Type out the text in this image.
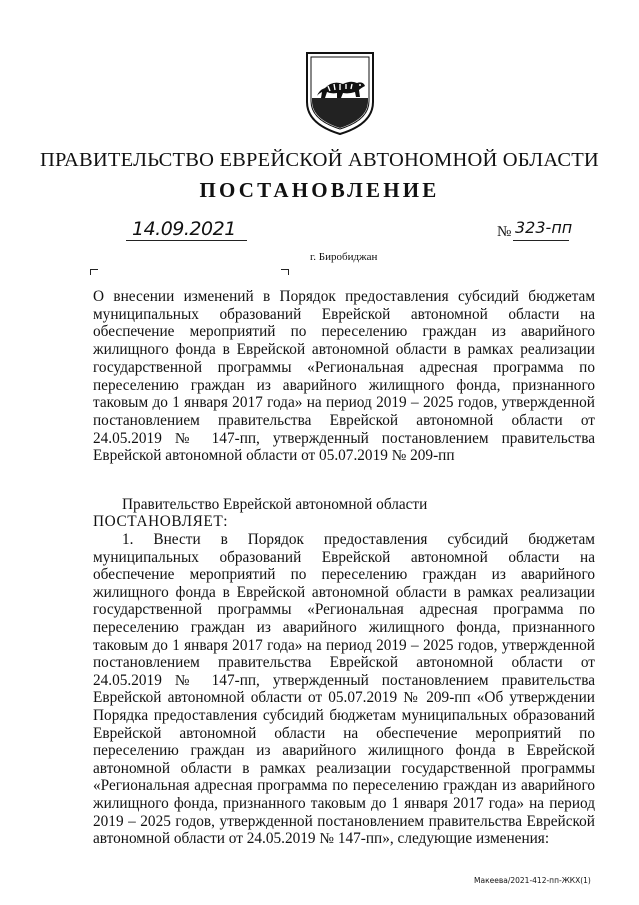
ПРАВИТЕЛЬСТВО ЕВРЕЙСКОЙ АВТОНОМНОЙ ОБЛАСТИ
ПОСТАНОВЛЕНИЕ
14.09.2021	№ 323-пп
г. Биробиджан
О внесении изменений в Порядок предоставления субсидий бюджетам муниципальных образований Еврейской автономной области на обеспечение мероприятий по переселению граждан из аварийного жилищного фонда в Еврейской автономной области в рамках реализации государственной программы «Региональная адресная программа по переселению граждан из аварийного жилищного фонда, признанного таковым до 1 января 2017 года» на период 2019 – 2025 годов, утвержденной постановлением правительства Еврейской автономной области от 24.05.2019 № 147-пп, утвержденный постановлением правительства Еврейской автономной области от 05.07.2019 № 209-пп
Правительство Еврейской автономной области
ПОСТАНОВЛЯЕТ:
1. Внести в Порядок предоставления субсидий бюджетам муниципальных образований Еврейской автономной области на обеспечение мероприятий по переселению граждан из аварийного жилищного фонда в Еврейской автономной области в рамках реализации государственной программы «Региональная адресная программа по переселению граждан из аварийного жилищного фонда, признанного таковым до 1 января 2017 года» на период 2019 – 2025 годов, утвержденной постановлением правительства Еврейской автономной области от 24.05.2019 № 147-пп, утвержденный постановлением правительства Еврейской автономной области от 05.07.2019 № 209-пп «Об утверждении Порядка предоставления субсидий бюджетам муниципальных образований Еврейской автономной области на обеспечение мероприятий по переселению граждан из аварийного жилищного фонда в Еврейской автономной области в рамках реализации государственной программы «Региональная адресная программа по переселению граждан из аварийного жилищного фонда, признанного таковым до 1 января 2017 года» на период 2019 – 2025 годов, утвержденной постановлением правительства Еврейской автономной области от 24.05.2019 № 147-пп», следующие изменения:
Макеева/2021-412-пп-ЖКХ(1)
